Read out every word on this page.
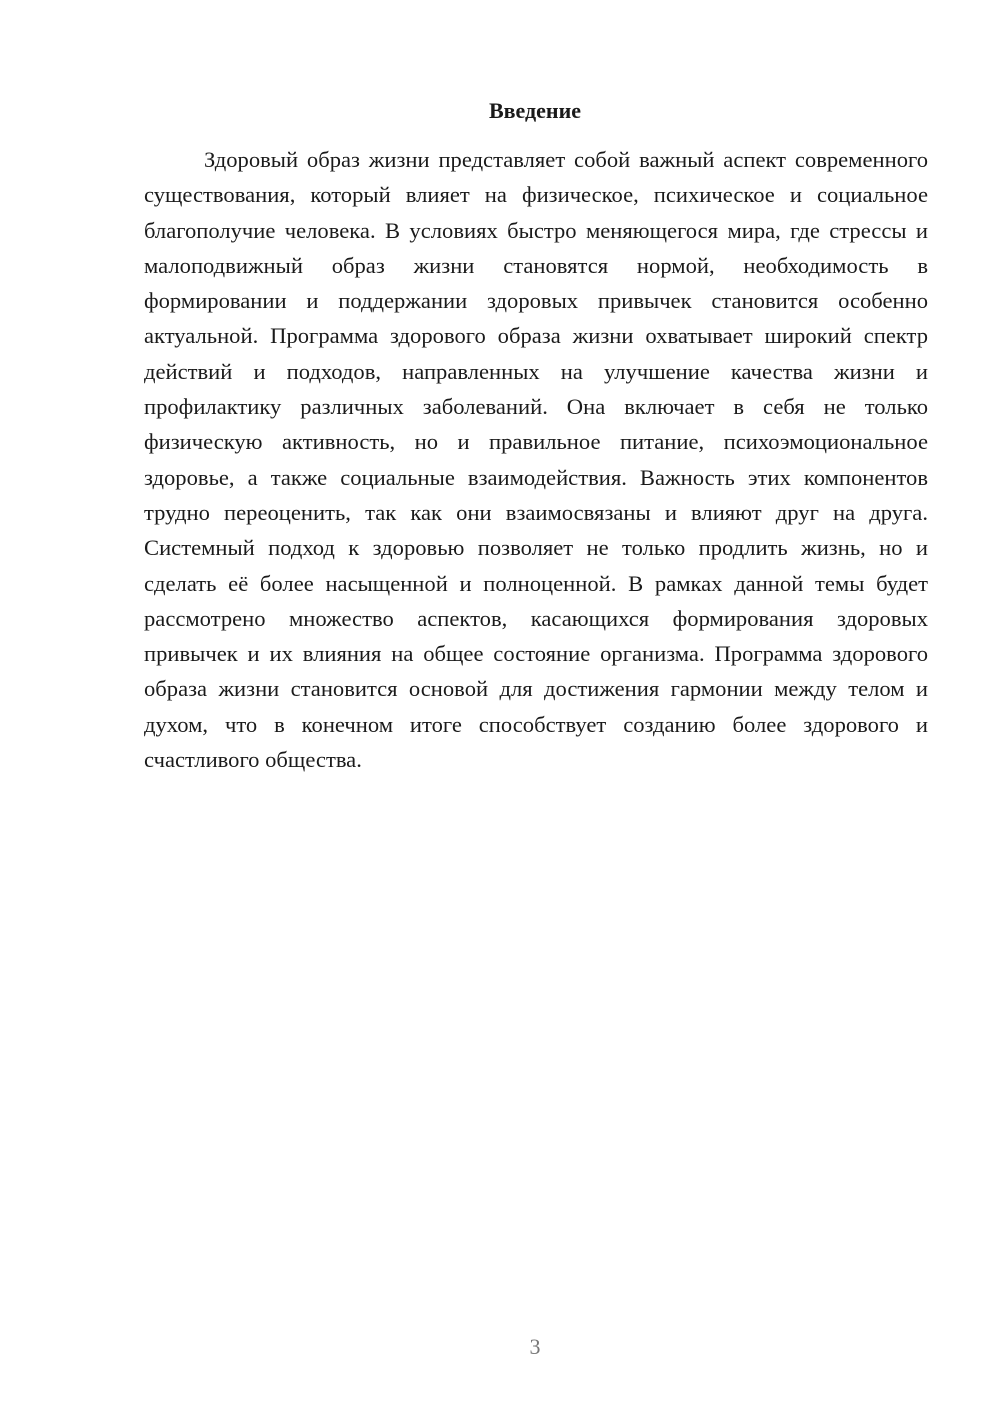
Введение

Здоровый образ жизни представляет собой важный аспект современного существования, который влияет на физическое, психическое и социальное благополучие человека. В условиях быстро меняющегося мира, где стрессы и малоподвижный образ жизни становятся нормой, необходимость в формировании и поддержании здоровых привычек становится особенно актуальной. Программа здорового образа жизни охватывает широкий спектр действий и подходов, направленных на улучшение качества жизни и профилактику различных заболеваний. Она включает в себя не только физическую активность, но и правильное питание, психоэмоциональное здоровье, а также социальные взаимодействия. Важность этих компонентов трудно переоценить, так как они взаимосвязаны и влияют друг на друга. Системный подход к здоровью позволяет не только продлить жизнь, но и сделать её более насыщенной и полноценной. В рамках данной темы будет рассмотрено множество аспектов, касающихся формирования здоровых привычек и их влияния на общее состояние организма. Программа здорового образа жизни становится основой для достижения гармонии между телом и духом, что в конечном итоге способствует созданию более здорового и счастливого общества.

3
